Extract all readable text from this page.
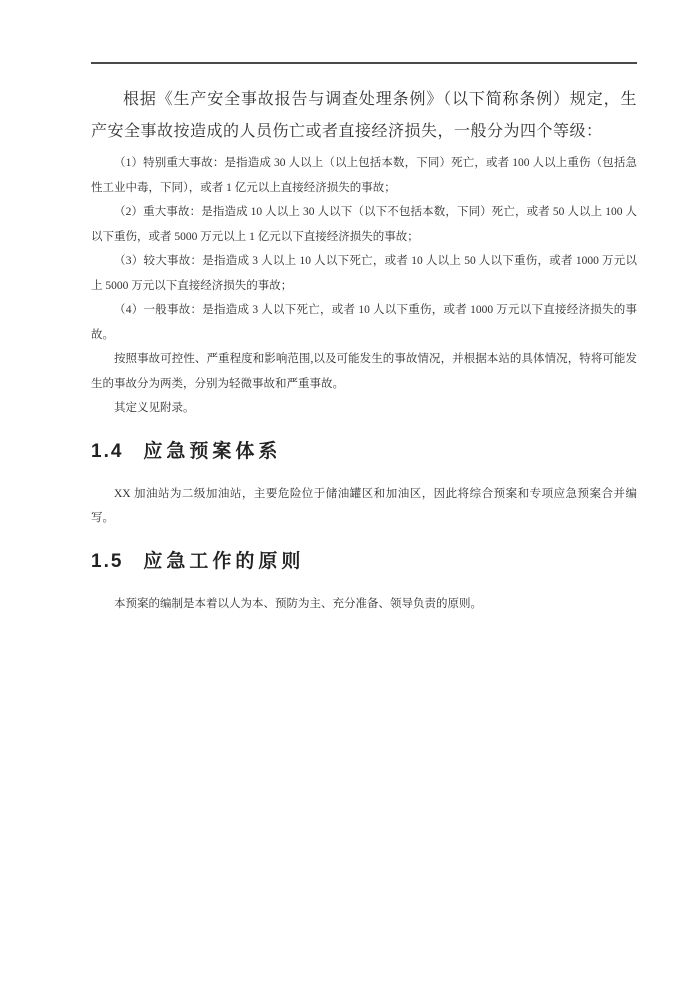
根据《生产安全事故报告与调查处理条例》（以下简称条例）规定，生产安全事故按造成的人员伤亡或者直接经济损失，一般分为四个等级：

（1）特别重大事故：是指造成 30 人以上（以上包括本数，下同）死亡，或者 100 人以上重伤（包括急性工业中毒，下同），或者 1 亿元以上直接经济损失的事故；

（2）重大事故：是指造成 10 人以上 30 人以下（以下不包括本数，下同）死亡，或者 50 人以上 100 人以下重伤，或者 5000 万元以上 1 亿元以下直接经济损失的事故；

（3）较大事故：是指造成 3 人以上 10 人以下死亡，或者 10 人以上 50 人以下重伤，或者 1000 万元以上 5000 万元以下直接经济损失的事故；

（4）一般事故：是指造成 3 人以下死亡，或者 10 人以下重伤，或者 1000 万元以下直接经济损失的事故。

按照事故可控性、严重程度和影响范围,以及可能发生的事故情况，并根据本站的具体情况，特将可能发生的事故分为两类，分别为轻微事故和严重事故。

其定义见附录。

1.4 应急预案体系

XX 加油站为二级加油站，主要危险位于储油罐区和加油区，因此将综合预案和专项应急预案合并编写。

1.5 应急工作的原则

本预案的编制是本着以人为本、预防为主、充分准备、领导负责的原则。
